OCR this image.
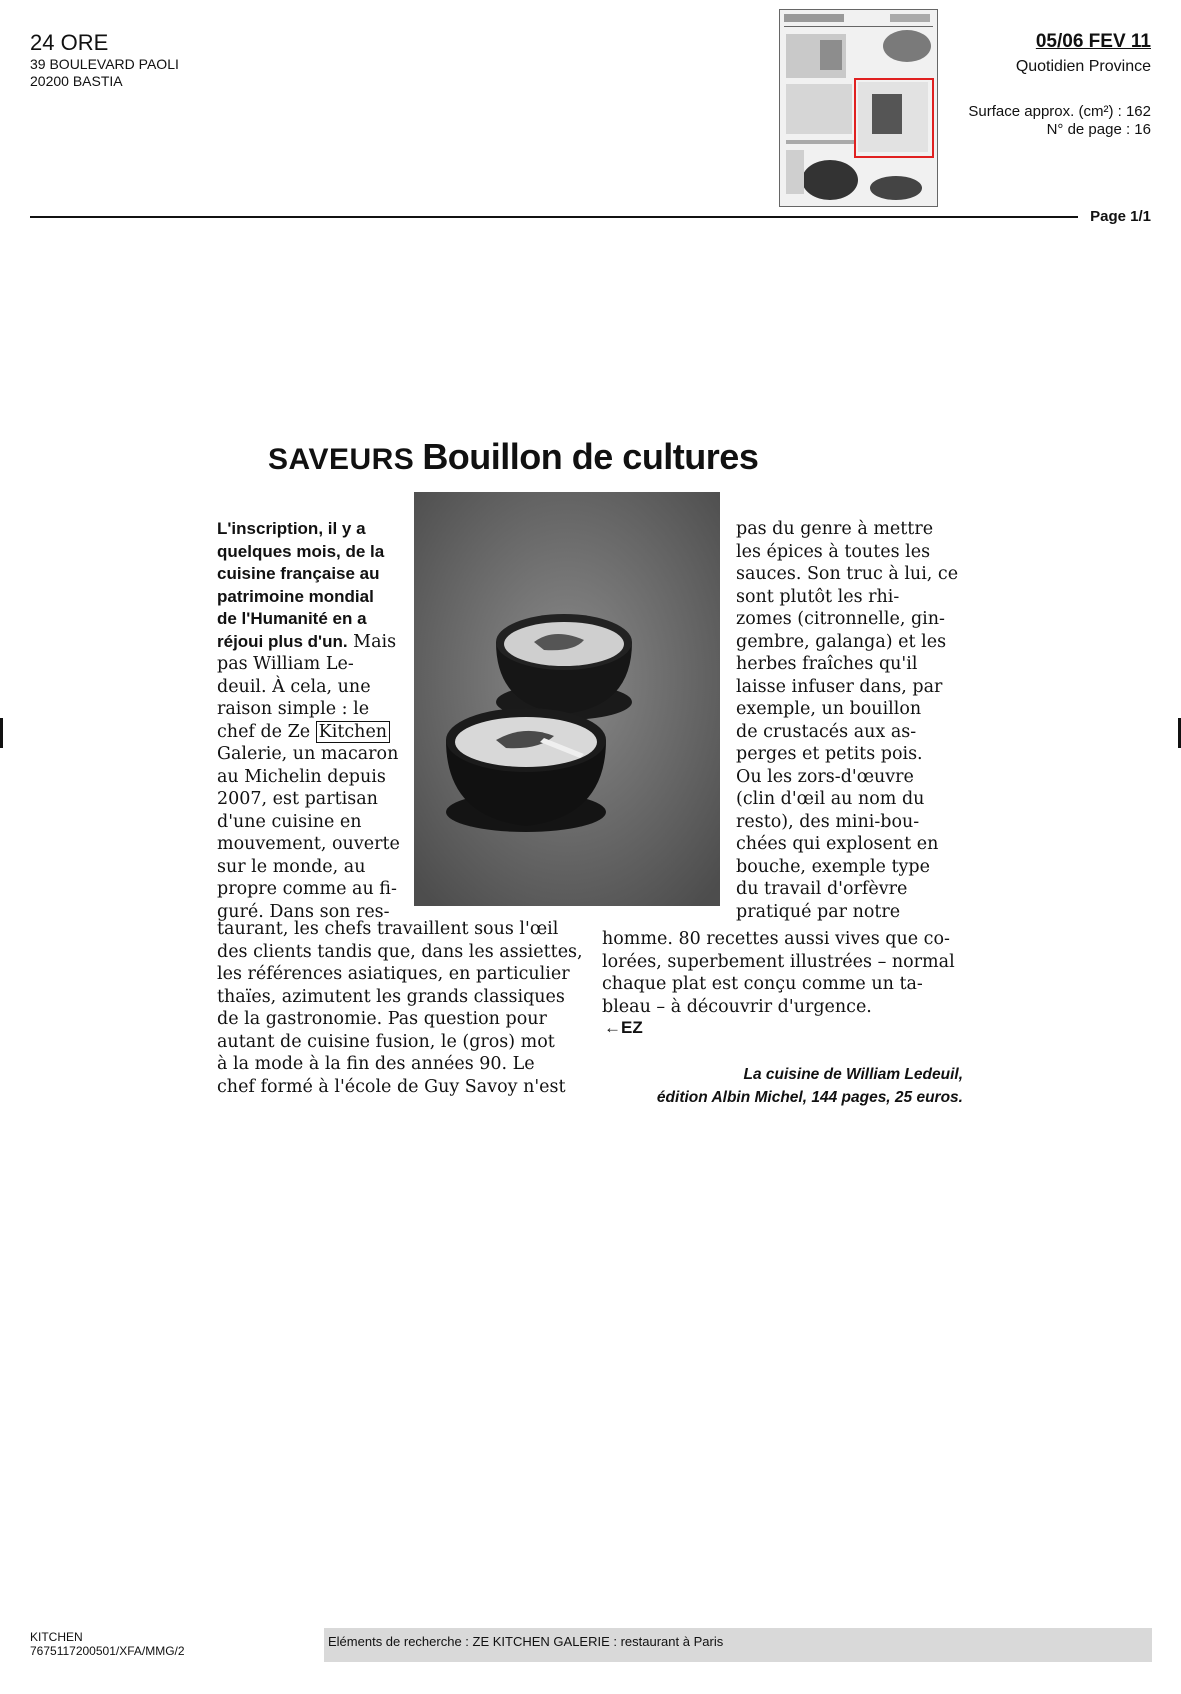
24 ORE
39 BOULEVARD PAOLI
20200 BASTIA
05/06 FEV 11
Quotidien Province
Surface approx. (cm²) : 162
N° de page : 16
Page 1/1
SAVEURS Bouillon de cultures
L'inscription, il y a
quelques mois, de la
cuisine française au
patrimoine mondial
de l'Humanité en a
réjoui plus d'un. Mais
pas William Le-
deuil. À cela, une
raison simple : le
chef de Ze Kitchen
Galerie, un macaron
au Michelin depuis
2007, est partisan
d'une cuisine en
mouvement, ouverte
sur le monde, au
propre comme au fi-
guré. Dans son res-
taurant, les chefs travaillent sous l'œil
des clients tandis que, dans les assiettes,
les références asiatiques, en particulier
thaïes, azimutent les grands classiques
de la gastronomie. Pas question pour
autant de cuisine fusion, le (gros) mot
à la mode à la fin des années 90. Le
chef formé à l'école de Guy Savoy n'est
pas du genre à mettre
les épices à toutes les
sauces. Son truc à lui, ce
sont plutôt les rhi-
zomes (citronnelle, gin-
gembre, galanga) et les
herbes fraîches qu'il
laisse infuser dans, par
exemple, un bouillon
de crustacés aux as-
perges et petits pois.
Ou les zors-d'œuvre
(clin d'œil au nom du
resto), des mini-bou-
chées qui explosent en
bouche, exemple type
du travail d'orfèvre
pratiqué par notre
homme. 80 recettes aussi vives que co-
lorées, superbement illustrées – normal
chaque plat est conçu comme un ta-
bleau – à découvrir d'urgence.
←EZ
La cuisine de William Ledeuil,
édition Albin Michel, 144 pages, 25 euros.
KITCHEN
7675117200501/XFA/MMG/2
Eléments de recherche : ZE KITCHEN GALERIE : restaurant à Paris
